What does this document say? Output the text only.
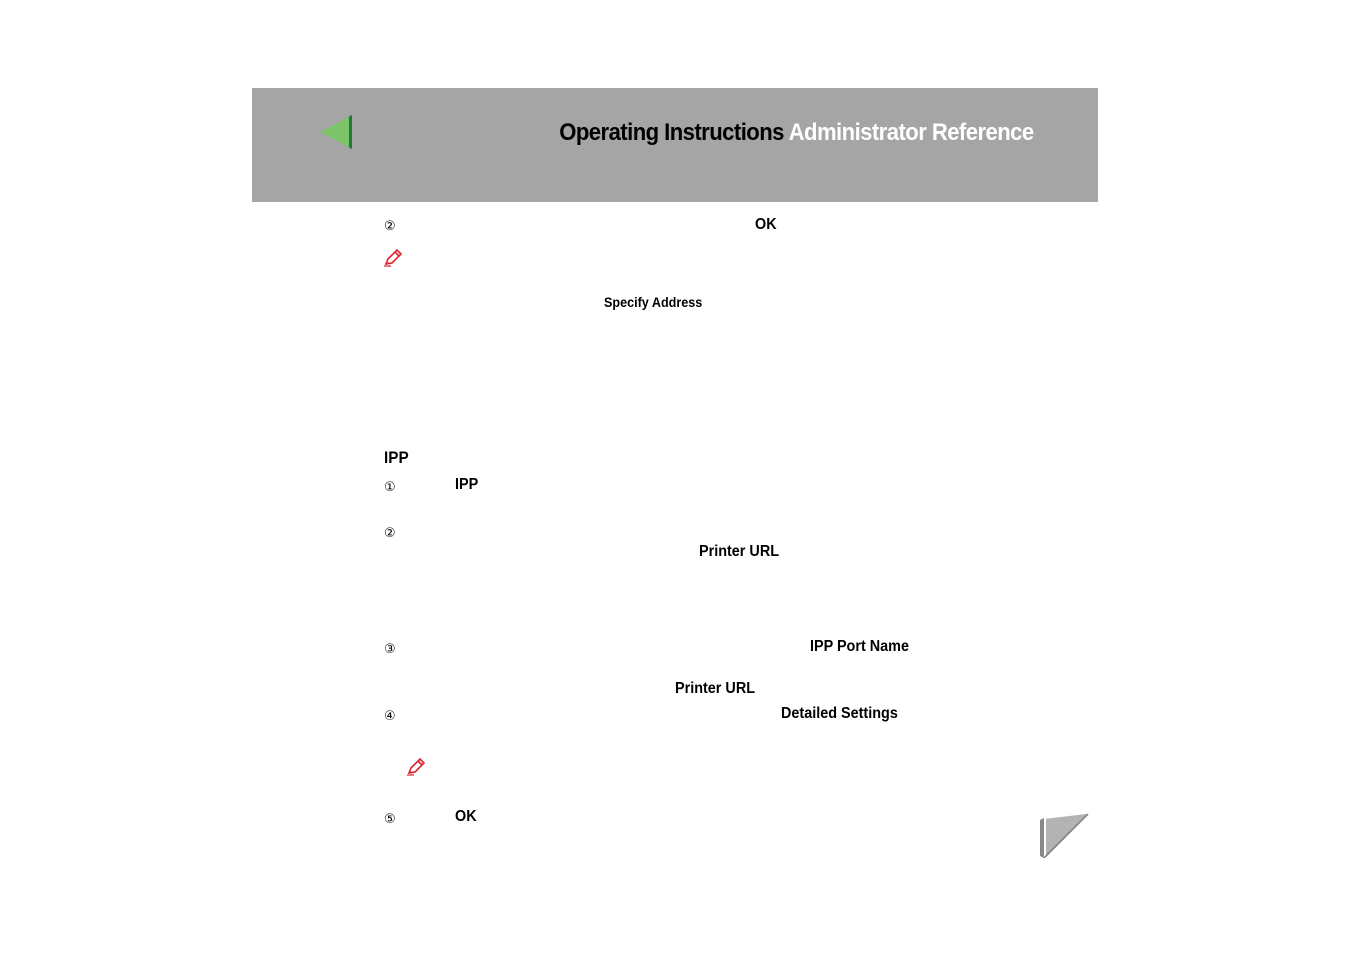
Operating Instructions Administrator Reference
②	OK
Specify Address
IPP
①	IPP
②
Printer URL
③	IPP Port Name
Printer URL
④	Detailed Settings
⑤	OK
